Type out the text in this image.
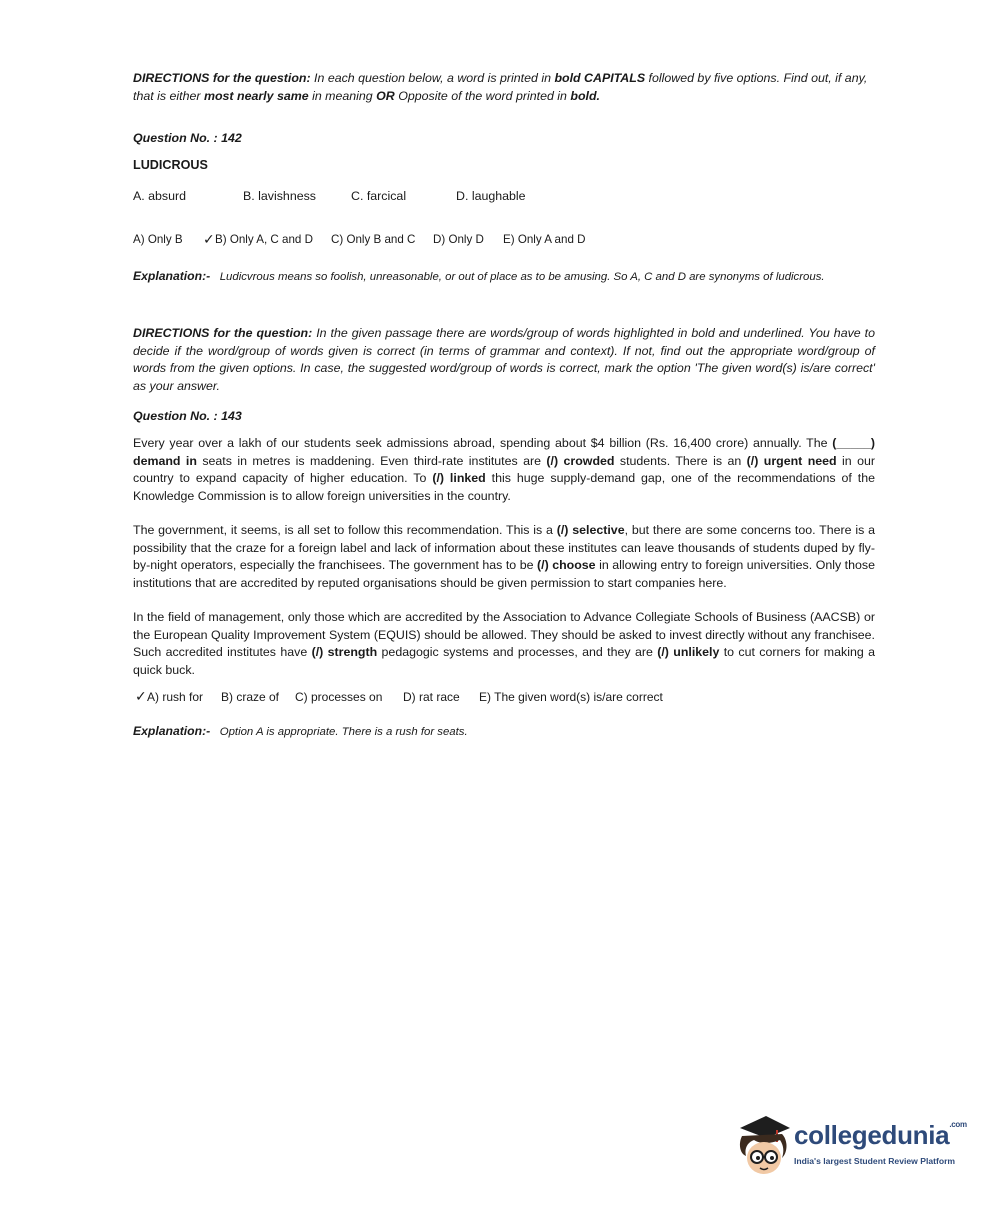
DIRECTIONS for the question: In each question below, a word is printed in bold CAPITALS followed by five options. Find out, if any, that is either most nearly same in meaning OR Opposite of the word printed in bold.

Question No. : 142

LUDICROUS

A. absurd	B. lavishness	C. farcical	D. laughable
A) Only B ✓ B) Only A, C and D C) Only B and C D) Only D E) Only A and D

Explanation:- Ludicvrous means so foolish, unreasonable, or out of place as to be amusing. So A, C and D are synonyms of ludicrous.

DIRECTIONS for the question: In the given passage there are words/group of words highlighted in bold and underlined. You have to decide if the word/group of words given is correct (in terms of grammar and context). If not, find out the appropriate word/group of words from the given options. In case, the suggested word/group of words is correct, mark the option 'The given word(s) is/are correct' as your answer.

Question No. : 143

Every year over a lakh of our students seek admissions abroad, spending about $4 billion (Rs. 16,400 crore) annually. The (_____) demand in seats in metres is maddening. Even third-rate institutes are (/) crowded students. There is an (/) urgent need in our country to expand capacity of higher education. To (/) linked this huge supply-demand gap, one of the recommendations of the Knowledge Commission is to allow foreign universities in the country.

The government, it seems, is all set to follow this recommendation. This is a (/) selective, but there are some concerns too. There is a possibility that the craze for a foreign label and lack of information about these institutes can leave thousands of students duped by fly-by-night operators, especially the franchisees. The government has to be (/) choose in allowing entry to foreign universities. Only those institutions that are accredited by reputed organisations should be given permission to start companies here.

In the field of management, only those which are accredited by the Association to Advance Collegiate Schools of Business (AACSB) or the European Quality Improvement System (EQUIS) should be allowed. They should be asked to invest directly without any franchisee. Such accredited institutes have (/) strength pedagogic systems and processes, and they are (/) unlikely to cut corners for making a quick buck.

✓ A) rush for B) craze of C) processes on D) rat race E) The given word(s) is/are correct

Explanation:- Option A is appropriate. There is a rush for seats.

collegedunia$^{.com}$
India's largest Student Review Platform
